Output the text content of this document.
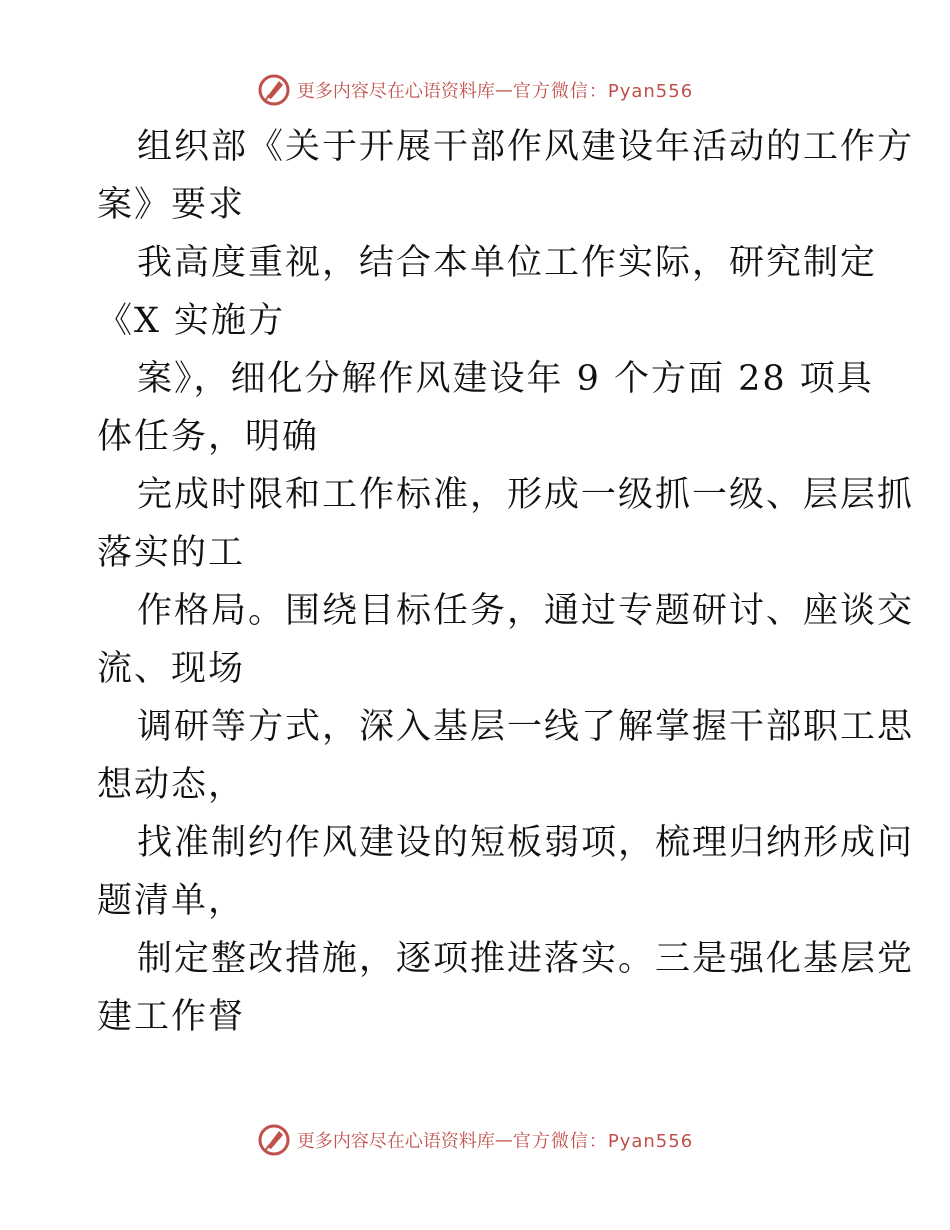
更多内容尽在心语资料库 — 官方微信：Pyan556
组织部《关于开展干部作风建设年活动的工作方
案》要求
我高度重视，结合本单位工作实际，研究制定
《X 实施方
案》，细化分解作风建设年 9 个方面 28 项具
体任务，明确
完成时限和工作标准，形成一级抓一级、层层抓
落实的工
作格局。围绕目标任务，通过专题研讨、座谈交
流、现场
调研等方式，深入基层一线了解掌握干部职工思
想动态，
找准制约作风建设的短板弱项，梳理归纳形成问
题清单，
制定整改措施，逐项推进落实。三是强化基层党
建工作督
更多内容尽在心语资料库 — 官方微信：Pyan556
